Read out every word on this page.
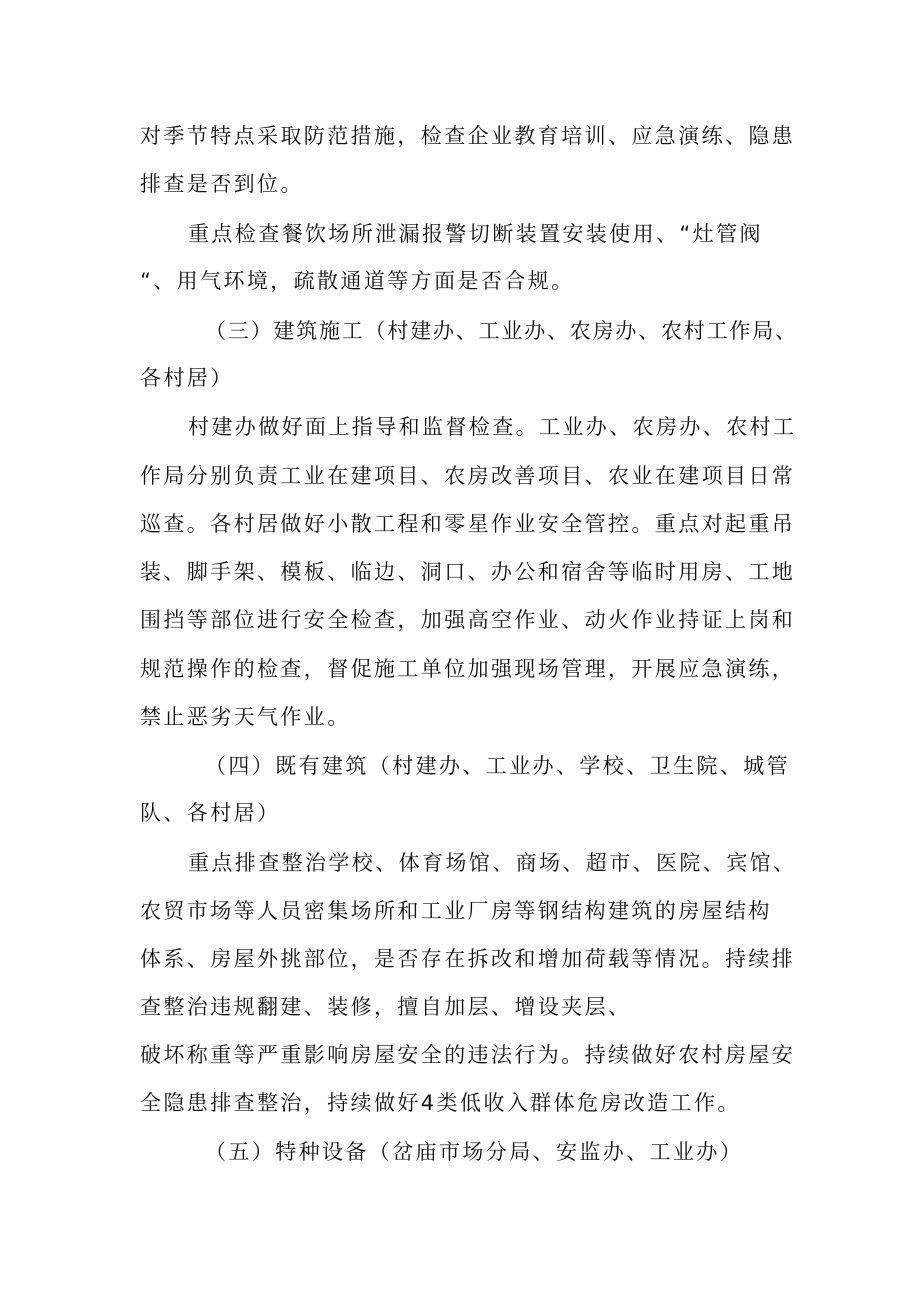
对季节特点采取防范措施，检查企业教育培训、应急演练、隐患
排查是否到位。
重点检查餐饮场所泄漏报警切断装置安装使用、“灶管阀
“、用气环境，疏散通道等方面是否合规。
（三）建筑施工（村建办、工业办、农房办、农村工作局、
各村居）
村建办做好面上指导和监督检查。工业办、农房办、农村工
作局分别负责工业在建项目、农房改善项目、农业在建项目日常
巡查。各村居做好小散工程和零星作业安全管控。重点对起重吊
装、脚手架、模板、临边、洞口、办公和宿舍等临时用房、工地
围挡等部位进行安全检查，加强高空作业、动火作业持证上岗和
规范操作的检查，督促施工单位加强现场管理，开展应急演练，
禁止恶劣天气作业。
（四）既有建筑（村建办、工业办、学校、卫生院、城管
队、各村居）
重点排查整治学校、体育场馆、商场、超市、医院、宾馆、
农贸市场等人员密集场所和工业厂房等钢结构建筑的房屋结构
体系、房屋外挑部位，是否存在拆改和增加荷载等情况。持续排
查整治违规翻建、装修，擅自加层、增设夹层、
破坏称重等严重影响房屋安全的违法行为。持续做好农村房屋安
全隐患排查整治，持续做好4类低收入群体危房改造工作。
（五）特种设备（岔庙市场分局、安监办、工业办）
